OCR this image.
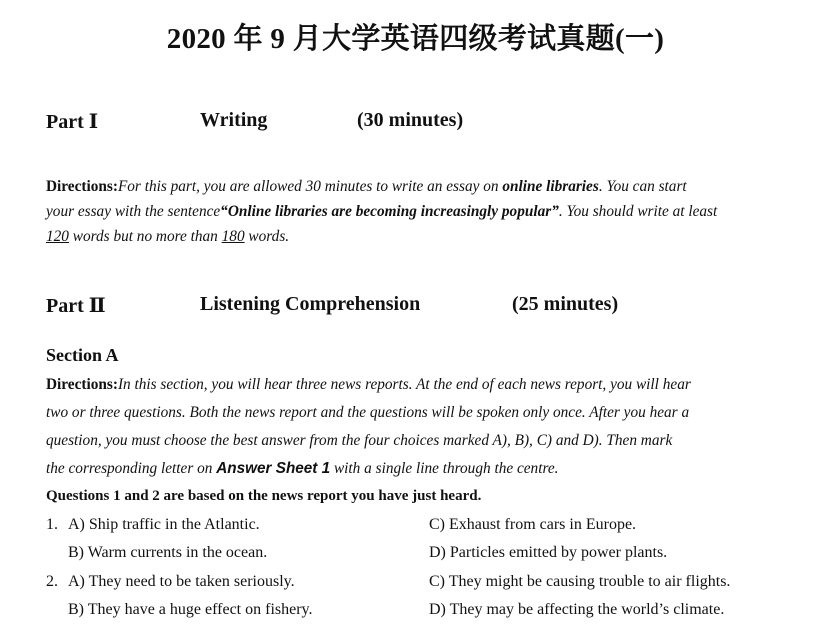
2020 年 9 月大学英语四级考试真题(一)
Part Ⅰ	Writing	(30 minutes)
Directions:For this part, you are allowed 30 minutes to write an essay on online libraries. You can start
your essay with the sentence“Online libraries are becoming increasingly popular”. You should write at least
120 words but no more than 180 words.
Part Ⅱ	Listening Comprehension	(25 minutes)
Section A
Directions:In this section, you will hear three news reports. At the end of each news report, you will hear
two or three questions. Both the news report and the questions will be spoken only once. After you hear a
question, you must choose the best answer from the four choices marked A), B), C) and D). Then mark
the corresponding letter on Answer Sheet 1 with a single line through the centre.
Questions 1 and 2 are based on the news report you have just heard.
1. A) Ship traffic in the Atlantic.	C) Exhaust from cars in Europe.
B) Warm currents in the ocean.	D) Particles emitted by power plants.
2. A) They need to be taken seriously.	C) They might be causing trouble to air flights.
B) They have a huge effect on fishery.	D) They may be affecting the world’s climate.
